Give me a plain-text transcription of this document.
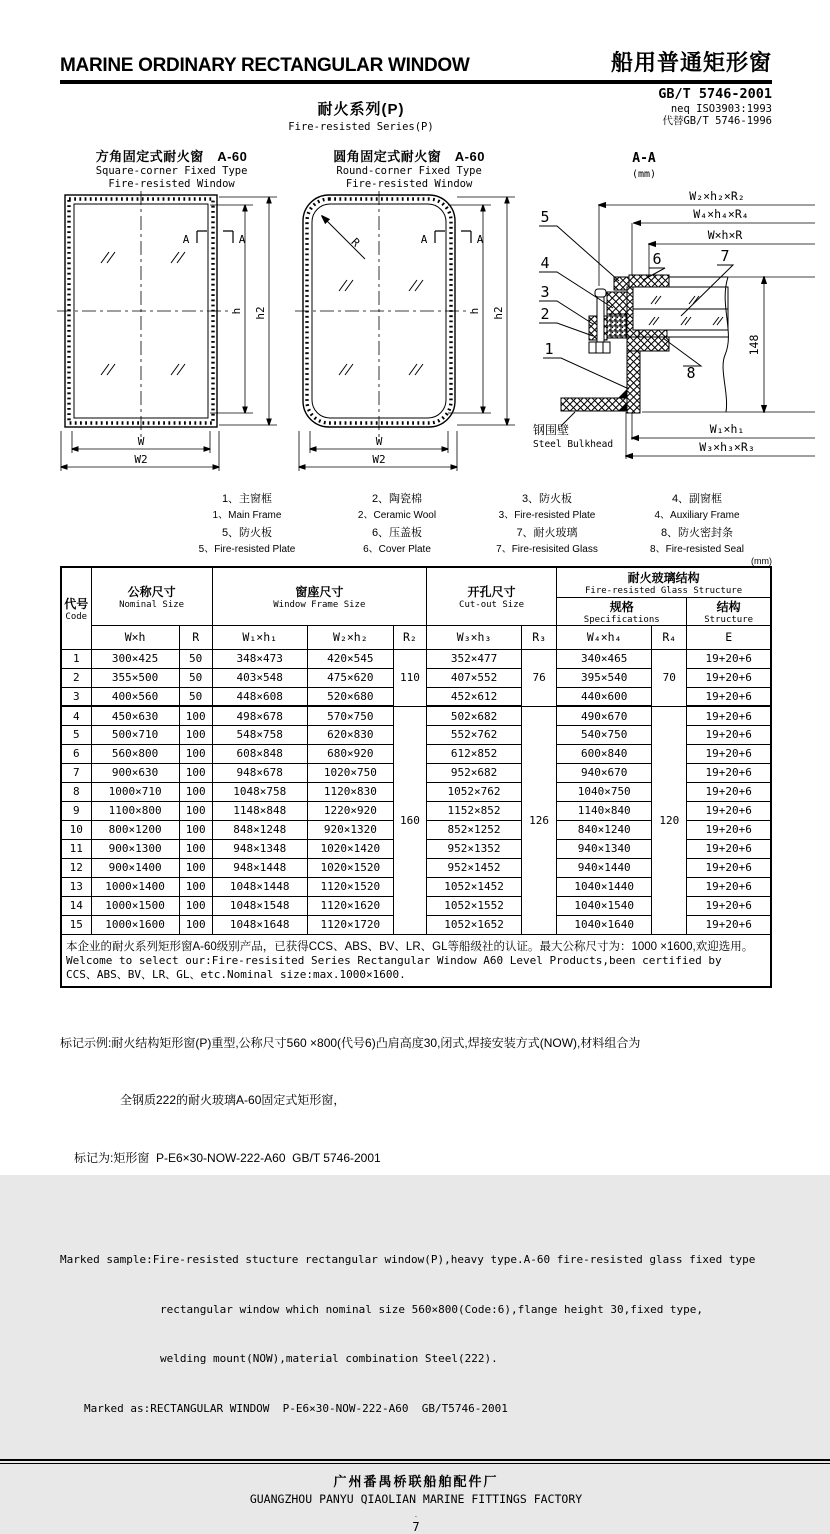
MARINE ORDINARY RECTANGULAR WINDOW	船用普通矩形窗
耐火系列(P)
Fire-resisted Series(P)
GB/T 5746-2001
neq ISO3903:1993
代替GB/T 5746-1996
方角固定式耐火窗　A-60
Square-corner Fixed Type
Fire-resisted Window
A	A
h h2
W
W2
圆角固定式耐火窗　A-60
Round-corner Fixed Type
Fire-resisted Window
R	A	A
h h2
W
W2
A-A
(mm)
W₂×h₂×R₂
W₄×h₄×R₄
W×h×R
148
W₁×h₁
W₃×h₃×R₃
钢围壁
Steel Bulkhead
5
4
3
2
1
6	7
8
1、主窗框
1、Main Frame
2、陶瓷棉
2、Ceramic Wool
3、防火板
3、Fire-resisted Plate
4、副窗框
4、Auxiliary Frame
5、防火板
5、Fire-resisted Plate
6、压盖板
6、Cover Plate
7、耐火玻璃
7、Fire-resisited Glass
8、防火密封条
8、Fire-resisted Seal
(mm)
代号
Code

公称尺寸
Nominal Size

窗座尺寸
Window Frame Size

开孔尺寸
Cut-out Size

耐火玻璃结构
Fire-resisted Glass Structure

规格
Specifications

结构
Structure

	W×h	R	W₁×h₁	W₂×h₂	R₂	W₃×h₃	R₃	W₄×h₄	R₄	E
1	300×425	50	348×473	420×545	110	352×477	76	340×465	70	19+20+6
2	355×500	50	403×548	475×620		407×552		395×540		19+20+6
3	400×560	50	448×608	520×680		452×612		440×600		19+20+6
4	450×630	100	498×678	570×750	160	502×682	126	490×670	120	19+20+6
5	500×710	100	548×758	620×830		552×762		540×750		19+20+6
6	560×800	100	608×848	680×920		612×852		600×840		19+20+6
7	900×630	100	948×678	1020×750		952×682		940×670		19+20+6
8	1000×710	100	1048×758	1120×830		1052×762		1040×750		19+20+6
9	1100×800	100	1148×848	1220×920		1152×852		1140×840		19+20+6
10	800×1200	100	848×1248	920×1320		852×1252		840×1240		19+20+6
11	900×1300	100	948×1348	1020×1420		952×1352		940×1340		19+20+6
12	900×1400	100	948×1448	1020×1520		952×1452		940×1440		19+20+6
13	1000×1400	100	1048×1448	1120×1520		1052×1452		1040×1440		19+20+6
14	1000×1500	100	1048×1548	1120×1620		1052×1552		1040×1540		19+20+6
15	1000×1600	100	1048×1648	1120×1720		1052×1652		1040×1640		19+20+6

本企业的耐火系列矩形窗A-60级别产品，已获得CCS、ABS、BV、LR、GL等船级社的认证。最大公称尺寸为：1000 ×1600,欢迎选用。
Welcome to select our:Fire-resisited Series Rectangular Window A60 Level Products,been certified by
CCS、ABS、BV、LR、GL、etc.Nominal size:max.1000×1600.										

标记示例:耐火结构矩形窗(P)重型,公称尺寸560 ×800(代号6)凸肩高度30,闭式,焊接安装方式(NOW),材料组合为

全钢质222的耐火玻璃A-60固定式矩形窗，

标记为:矩形窗  P-E6×30-NOW-222-A60  GB/T 5746-2001

Marked sample:Fire-resisted stucture rectangular window(P),heavy type.A-60 fire-resisted glass fixed type

rectangular window which nominal size 560×800(Code:6),flange height 30,fixed type,

welding mount(NOW),material combination Steel(222).

Marked as:RECTANGULAR WINDOW  P-E6×30-NOW-222-A60  GB/T5746-2001

广州番禺桥联船舶配件厂
GUANGZHOU PANYU QIAOLIAN MARINE FITTINGS FACTORY
·
7
